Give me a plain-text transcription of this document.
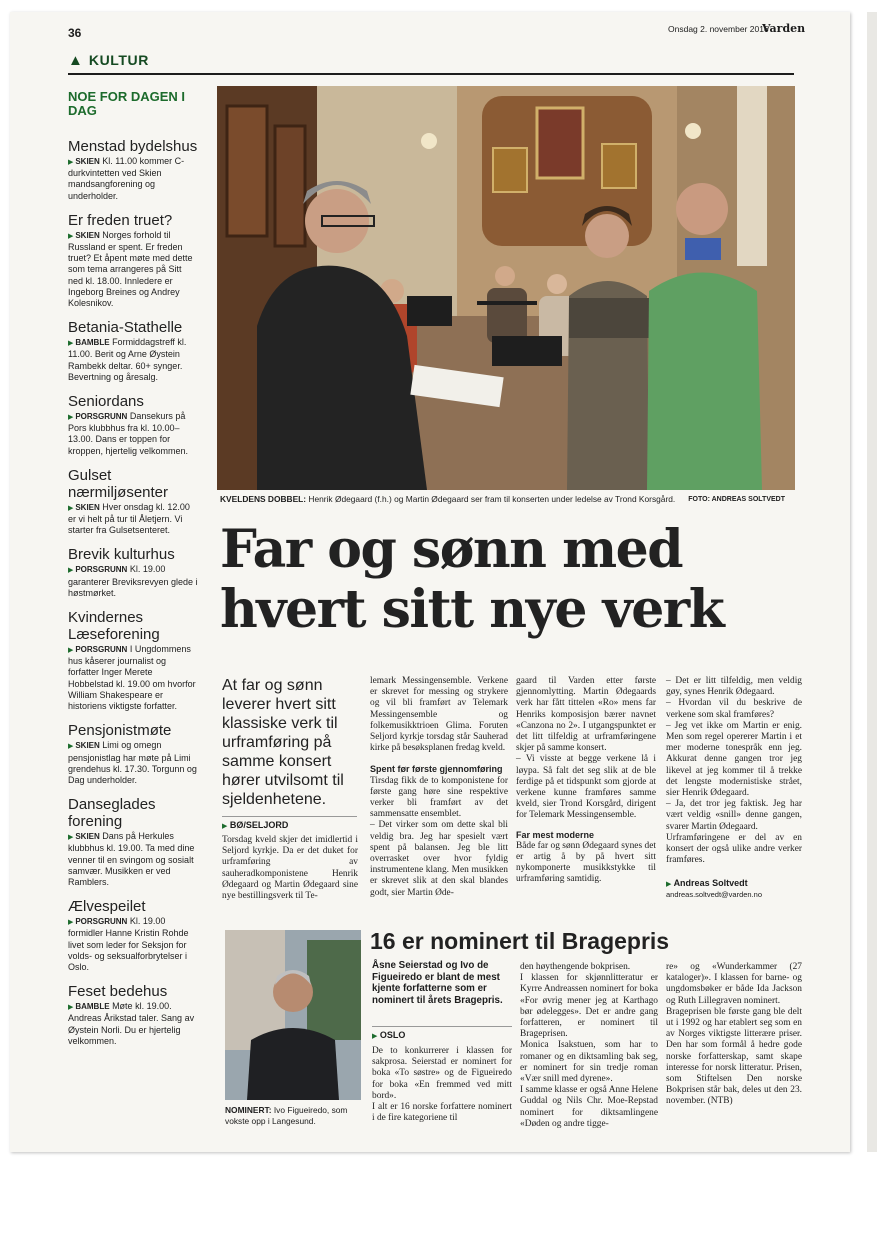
36	Onsdag 2. november 2016
Varden
▲ KULTUR
NOE FOR DAGEN I DAG
Menstad bydelshus

▶ SKIEN Kl. 11.00 kommer C-durkvintetten ved Skien mandsangforening og underholder.

Er freden truet?

▶ SKIEN Norges forhold til Russland er spent. Er freden truet? Et åpent møte med dette som tema arrangeres på Sitt ned kl. 18.00. Innledere er Ingeborg Breines og Andrey Kolesnikov.

Betania-Stathelle

▶ BAMBLE Formiddagstreff kl. 11.00. Berit og Arne Øystein Rambekk deltar. 60+ synger. Bevertning og åresalg.

Seniordans

▶ PORSGRUNN Dansekurs på Pors klubbhus fra kl. 10.00–13.00. Dans er toppen for kroppen, hjertelig velkommen.

Gulset nærmiljøsenter

▶ SKIEN Hver onsdag kl. 12.00 er vi helt på tur til Åletjern. Vi starter fra Gulsetsenteret.

Brevik kulturhus

▶ PORSGRUNN Kl. 19.00 garanterer Breviksrevyen glede i høstmørket.

Kvindernes Læseforening

▶ PORSGRUNN I Ungdommens hus kåserer journalist og forfatter Inger Merete Hobbelstad kl. 19.00 om hvorfor William Shakespeare er historiens viktigste forfatter.

Pensjonistmøte

▶ SKIEN Limi og omegn pensjonistlag har møte på Limi grendehus kl. 17.30. Torgunn og Dag underholder.

Danseglades forening

▶ SKIEN Dans på Herkules klubbhus kl. 19.00. Ta med dine venner til en svingom og sosialt samvær. Musikken er ved Ramblers.

Ælvespeilet

▶ PORSGRUNN Kl. 19.00 formidler Hanne Kristin Rohde livet som leder for Seksjon for volds- og seksualforbrytelser i Oslo.

Feset bedehus

▶ BAMBLE Møte kl. 19.00. Andreas Årikstad taler. Sang av Øystein Norli. Du er hjertelig velkommen.

KVELDENS DOBBEL: Henrik Ødegaard (f.h.) og Martin Ødegaard ser fram til konserten under ledelse av Trond Korsgård. FOTO: ANDREAS SOLTVEDT
Far og sønn med
hvert sitt nye verk
At far og sønn leverer hvert sitt klassiske verk til urframføring på samme konsert hører utvilsomt til sjeldenhetene.
▶ BØ/SELJORD

Torsdag kveld skjer det imidlertid i Seljord kyrkje. Da er det duket for urframføring av sauheradkomponistene Henrik Ødegaard og Martin Ødegaard sine nye bestillingsverk til Te-

lemark Messingensemble. Verkene er skrevet for messing og strykere og vil bli framført av Telemark Messingensemble og folkemusikktrioen Glima. Foruten Seljord kyrkje torsdag står Sauherad kirke på besøksplanen fredag kveld.

Spent før første gjennomføring

Tirsdag fikk de to komponistene for første gang høre sine respektive verker bli framført av det sammensatte ensemblet.

– Det virker som om dette skal bli veldig bra. Jeg har spesielt vært spent på balansen. Jeg ble litt overrasket over hvor fyldig instrumentene klang. Men musikken er skrevet slik at den skal blandes godt, sier Martin Øde-

gaard til Varden etter første gjennomlytting. Martin Ødegaards verk har fått tittelen «Ro» mens far Henriks komposisjon bærer navnet «Canzona no 2». I utgangspunktet er det litt tilfeldig at urframføringene skjer på samme konsert.

– Vi visste at begge verkene lå i løypa. Så falt det seg slik at de ble ferdige på et tidspunkt som gjorde at verkene kunne framføres samme kveld, sier Trond Korsgård, dirigent for Telemark Messingensemble.

Far mest moderne

Både far og sønn Ødegaard synes det er artig å by på hvert sitt nykomponerte musikkstykke til urframføring samtidig.

– Det er litt tilfeldig, men veldig gøy, synes Henrik Ødegaard.

– Hvordan vil du beskrive de verkene som skal framføres?

– Jeg vet ikke om Martin er enig. Men som regel opererer Martin i et mer moderne tonespråk enn jeg. Akkurat denne gangen tror jeg likevel at jeg kommer til å trekke det lengste modernistiske strået, sier Henrik Ødegaard.

– Ja, det tror jeg faktisk. Jeg har vært veldig «snill» denne gangen, svarer Martin Ødegaard.

Urframføringene er del av en konsert der også ulike andre verker framføres.

▶ Andreas Soltvedt
andreas.soltvedt@varden.no
NOMINERT: Ivo Figueiredo, som vokste opp i Langesund.
16 er nominert til Bragepris
Åsne Seierstad og Ivo de Figueiredo er blant de mest kjente forfatterne som er nominert til årets Bragepris.
▶ OSLO

De to konkurrerer i klassen for sakprosa. Seierstad er nominert for boka «To søstre» og de Figueiredo for boka «En fremmed ved mitt bord».

I alt er 16 norske forfattere nominert i de fire kategoriene til

den høythengende bokprisen.

I klassen for skjønnlitteratur er Kyrre Andreassen nominert for boka «For øvrig mener jeg at Karthago bør ødelegges». Det er andre gang forfatteren, er nominert til Brageprisen.

Monica Isakstuen, som har to romaner og en diktsamling bak seg, er nominert for sin tredje roman «Vær snill med dyrene».

I samme klasse er også Anne Helene Guddal og Nils Chr. Moe-Repstad nominert for diktsamlingene «Døden og andre tigge-

re» og «Wunderkammer (27 kataloger)». I klassen for barne- og ungdomsbøker er både Ida Jackson og Ruth Lillegraven nominert.

Brageprisen ble første gang ble delt ut i 1992 og har etablert seg som en av Norges viktigste litterære priser. Den har som formål å hedre gode norske forfatterskap, samt skape interesse for norsk litteratur. Prisen, som Stiftelsen Den norske Bokprisen står bak, deles ut den 23. november. (NTB)
